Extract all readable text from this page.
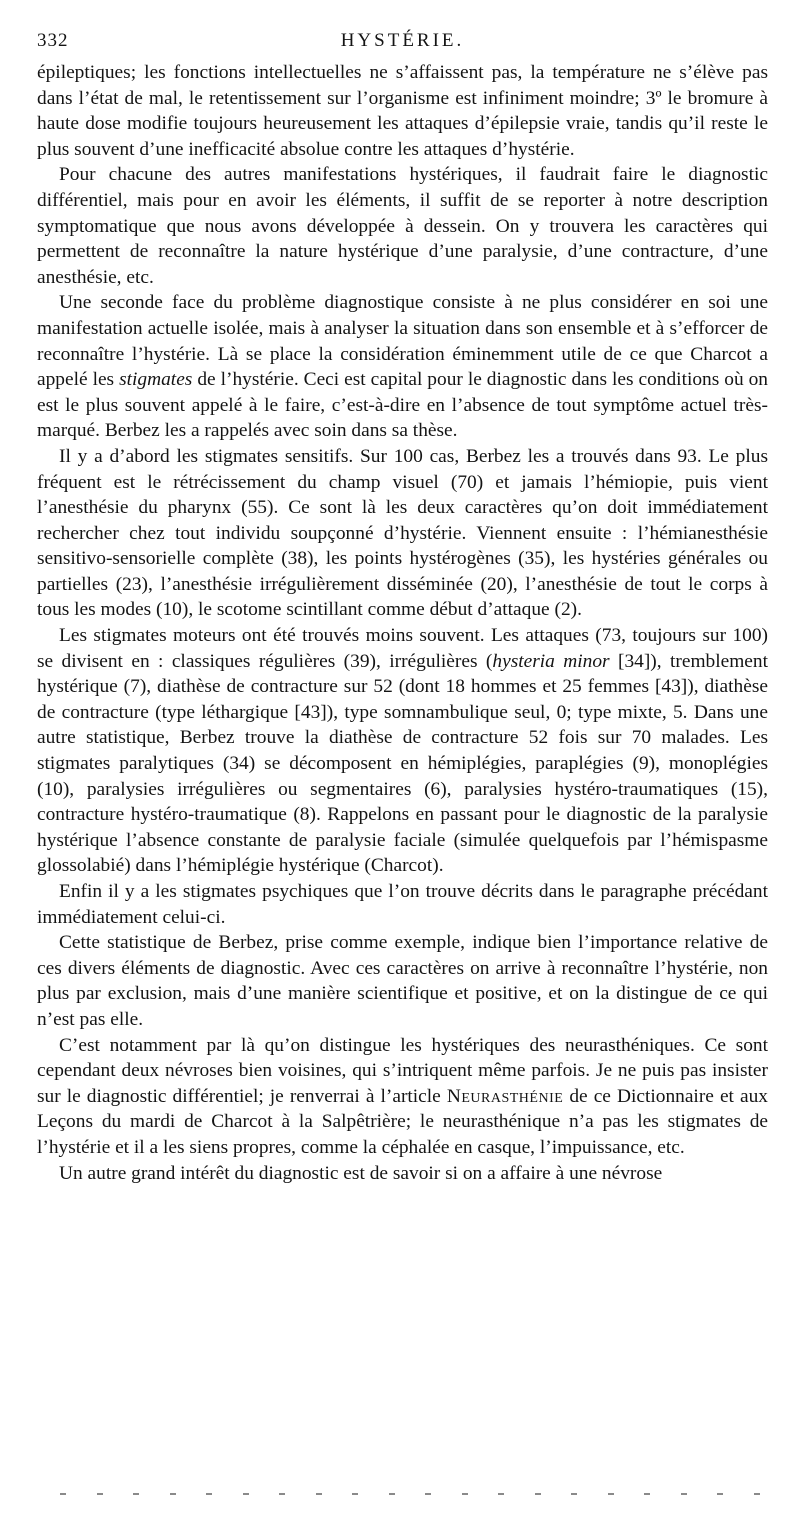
332	HYSTÉRIE.

épileptiques; les fonctions intellectuelles ne s’affaissent pas, la température ne s’élève pas dans l’état de mal, le retentissement sur l’organisme est infiniment moindre; 3º le bromure à haute dose modifie toujours heureusement les attaques d’épilepsie vraie, tandis qu’il reste le plus souvent d’une inefficacité absolue contre les attaques d’hystérie.

Pour chacune des autres manifestations hystériques, il faudrait faire le diagnostic différentiel, mais pour en avoir les éléments, il suffit de se reporter à notre description symptomatique que nous avons développée à dessein. On y trouvera les caractères qui permettent de reconnaître la nature hystérique d’une paralysie, d’une contracture, d’une anesthésie, etc.

Une seconde face du problème diagnostique consiste à ne plus considérer en soi une manifestation actuelle isolée, mais à analyser la situation dans son ensemble et à s’efforcer de reconnaître l’hystérie. Là se place la considération éminemment utile de ce que Charcot a appelé les stigmates de l’hystérie. Ceci est capital pour le diagnostic dans les conditions où on est le plus souvent appelé à le faire, c’est-à-dire en l’absence de tout symptôme actuel très-marqué. Berbez les a rappelés avec soin dans sa thèse.

Il y a d’abord les stigmates sensitifs. Sur 100 cas, Berbez les a trouvés dans 93. Le plus fréquent est le rétrécissement du champ visuel (70) et jamais l’hémiopie, puis vient l’anesthésie du pharynx (55). Ce sont là les deux caractères qu’on doit immédiatement rechercher chez tout individu soupçonné d’hystérie. Viennent ensuite : l’hémianesthésie sensitivo-sensorielle complète (38), les points hystérogènes (35), les hystéries générales ou partielles (23), l’anesthésie irrégulièrement disséminée (20), l’anesthésie de tout le corps à tous les modes (10), le scotome scintillant comme début d’attaque (2).

Les stigmates moteurs ont été trouvés moins souvent. Les attaques (73, toujours sur 100) se divisent en : classiques régulières (39), irrégulières (hysteria minor [34]), tremblement hystérique (7), diathèse de contracture sur 52 (dont 18 hommes et 25 femmes [43]), diathèse de contracture (type léthargique [43]), type somnambulique seul, 0; type mixte, 5. Dans une autre statistique, Berbez trouve la diathèse de contracture 52 fois sur 70 malades. Les stigmates paralytiques (34) se décomposent en hémiplégies, paraplégies (9), monoplégies (10), paralysies irrégulières ou segmentaires (6), paralysies hystéro-traumatiques (15), contracture hystéro-traumatique (8). Rappelons en passant pour le diagnostic de la paralysie hystérique l’absence constante de paralysie faciale (simulée quelquefois par l’hémispasme glossolabié) dans l’hémiplégie hystérique (Charcot).

Enfin il y a les stigmates psychiques que l’on trouve décrits dans le paragraphe précédant immédiatement celui-ci.

Cette statistique de Berbez, prise comme exemple, indique bien l’importance relative de ces divers éléments de diagnostic. Avec ces caractères on arrive à reconnaître l’hystérie, non plus par exclusion, mais d’une manière scientifique et positive, et on la distingue de ce qui n’est pas elle.

C’est notamment par là qu’on distingue les hystériques des neurasthéniques. Ce sont cependant deux névroses bien voisines, qui s’intriquent même parfois. Je ne puis pas insister sur le diagnostic différentiel; je renverrai à l’article Neurasthénie de ce Dictionnaire et aux Leçons du mardi de Charcot à la Salpêtrière; le neurasthénique n’a pas les stigmates de l’hystérie et il a les siens propres, comme la céphalée en casque, l’impuissance, etc.

Un autre grand intérêt du diagnostic est de savoir si on a affaire à une névrose
